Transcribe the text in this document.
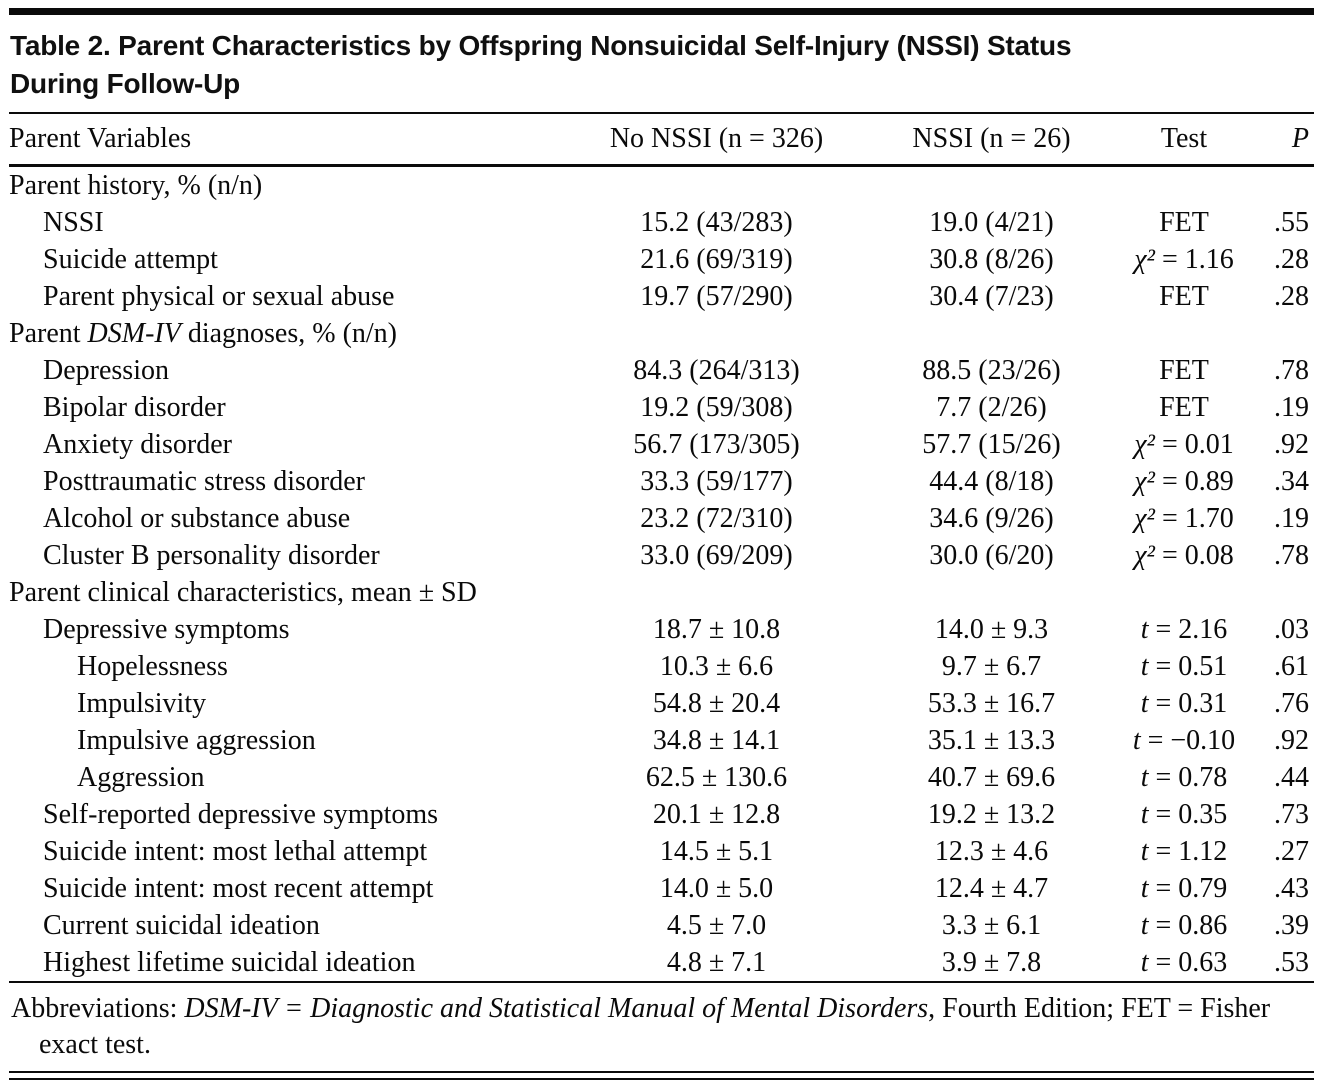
Table 2. Parent Characteristics by Offspring Nonsuicidal Self-Injury (NSSI) Status
During Follow-Up
Parent Variables	No NSSI (n = 326)	NSSI (n = 26)	Test	P
Parent history, % (n/n)				
NSSI	15.2 (43/283)	19.0 (4/21)	FET	.55
Suicide attempt	21.6 (69/319)	30.8 (8/26)	χ² = 1.16	.28
Parent physical or sexual abuse	19.7 (57/290)	30.4 (7/23)	FET	.28
Parent DSM-IV diagnoses, % (n/n)				
Depression	84.3 (264/313)	88.5 (23/26)	FET	.78
Bipolar disorder	19.2 (59/308)	7.7 (2/26)	FET	.19
Anxiety disorder	56.7 (173/305)	57.7 (15/26)	χ² = 0.01	.92
Posttraumatic stress disorder	33.3 (59/177)	44.4 (8/18)	χ² = 0.89	.34
Alcohol or substance abuse	23.2 (72/310)	34.6 (9/26)	χ² = 1.70	.19
Cluster B personality disorder	33.0 (69/209)	30.0 (6/20)	χ² = 0.08	.78
Parent clinical characteristics, mean ± SD				
Depressive symptoms	18.7 ± 10.8	14.0 ± 9.3	t = 2.16	.03
Hopelessness	10.3 ± 6.6	9.7 ± 6.7	t = 0.51	.61
Impulsivity	54.8 ± 20.4	53.3 ± 16.7	t = 0.31	.76
Impulsive aggression	34.8 ± 14.1	35.1 ± 13.3	t = −0.10	.92
Aggression	62.5 ± 130.6	40.7 ± 69.6	t = 0.78	.44
Self-reported depressive symptoms	20.1 ± 12.8	19.2 ± 13.2	t = 0.35	.73
Suicide intent: most lethal attempt	14.5 ± 5.1	12.3 ± 4.6	t = 1.12	.27
Suicide intent: most recent attempt	14.0 ± 5.0	12.4 ± 4.7	t = 0.79	.43
Current suicidal ideation	4.5 ± 7.0	3.3 ± 6.1	t = 0.86	.39
Highest lifetime suicidal ideation	4.8 ± 7.1	3.9 ± 7.8	t = 0.63	.53

Abbreviations: DSM-IV = Diagnostic and Statistical Manual of Mental Disorders, Fourth Edition; FET = Fisher exact test.
